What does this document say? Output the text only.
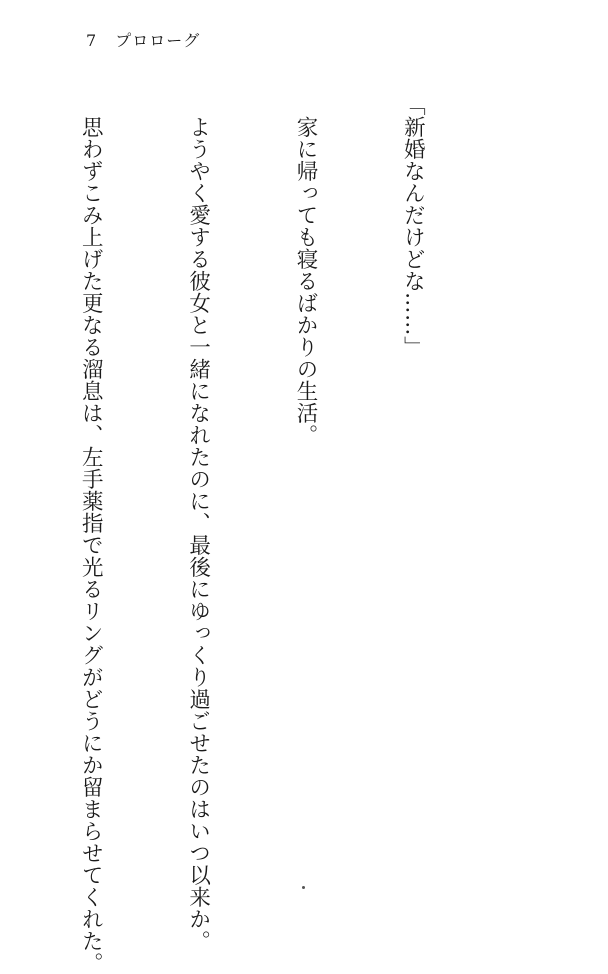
7 プロローグ

「新婚なんだけどな……」

　家に帰っても寝るばかりの生活。

　ようやく愛する彼女と一緒になれたのに、最後にゆっくり過ごせたのはいつ以来か。

　思わずこみ上げた更なる溜息は、左手薬指で光るリングがどうにか留まらせてくれた。
